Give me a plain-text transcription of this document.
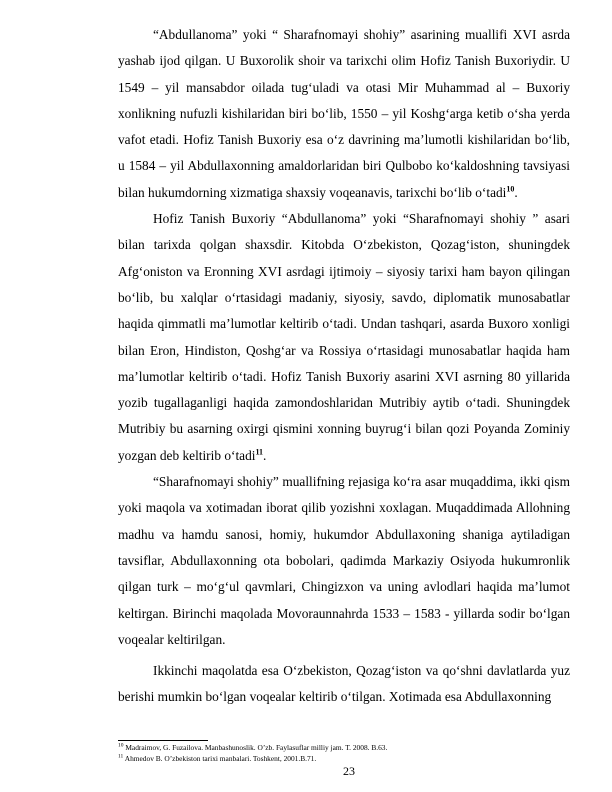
“Abdullanoma” yoki “ Sharafnomayi shohiy” asarining muallifi XVI asrda yashab ijod qilgan. U Buxorolik shoir va tarixchi olim Hofiz Tanish Buxoriydir. U 1549 – yil mansabdor oilada tug‘uladi va otasi Mir Muhammad al – Buxoriy xonlikning nufuzli kishilaridan biri bo‘lib, 1550 – yil Koshg‘arga ketib o‘sha yerda vafot etadi. Hofiz Tanish Buxoriy esa o‘z davrining ma’lumotli kishilaridan bo‘lib, u 1584 – yil Abdullaxonning amaldorlaridan biri Qulbobo ko‘kaldoshning tavsiyasi bilan hukumdorning xizmatiga shaxsiy voqeanavis, tarixchi bo‘lib o‘tadi$^{10}$.

Hofiz Tanish Buxoriy “Abdullanoma” yoki “Sharafnomayi shohiy ” asari bilan tarixda qolgan shaxsdir. Kitobda O‘zbekiston, Qozag‘iston, shuningdek Afg‘oniston va Eronning XVI asrdagi ijtimoiy – siyosiy tarixi ham bayon qilingan bo‘lib, bu xalqlar o‘rtasidagi madaniy, siyosiy, savdo, diplomatik munosabatlar haqida qimmatli ma’lumotlar keltirib o‘tadi. Undan tashqari, asarda Buxoro xonligi bilan Eron, Hindiston, Qoshg‘ar va Rossiya o‘rtasidagi munosabatlar haqida ham ma’lumotlar keltirib o‘tadi. Hofiz Tanish Buxoriy asarini XVI asrning 80 yillarida yozib tugallaganligi haqida zamondoshlaridan Mutribiy aytib o‘tadi. Shuningdek Mutribiy bu asarning oxirgi qismini xonning buyrug‘i bilan qozi Poyanda Zominiy yozgan deb keltirib o‘tadi$^{11}$.

“Sharafnomayi shohiy” muallifning rejasiga ko‘ra asar muqaddima, ikki qism yoki maqola va xotimadan iborat qilib yozishni xoxlagan. Muqaddimada Allohning madhu va hamdu sanosi, homiy, hukumdor Abdullaxoning shaniga aytiladigan tavsiflar, Abdullaxonning ota bobolari, qadimda Markaziy Osiyoda hukumronlik qilgan turk – mo‘g‘ul qavmlari, Chingizxon va uning avlodlari haqida ma’lumot keltirgan. Birinchi maqolada Movoraunnahrda 1533 – 1583 - yillarda sodir bo‘lgan voqealar keltirilgan.

Ikkinchi maqolatda esa O‘zbekiston, Qozag‘iston va qo‘shni davlatlarda yuz berishi mumkin bo‘lgan voqealar keltirib o‘tilgan. Xotimada esa Abdullaxonning

$^{10}$ Madraimov, G. Fuzailova. Manbashunoslik. O’zb. Faylasuflar milliy jam. T. 2008. B.63.
$^{11}$ Ahmedov B. O’zbekiston tarixi manbalari. Toshkent, 2001.B.71.
23
